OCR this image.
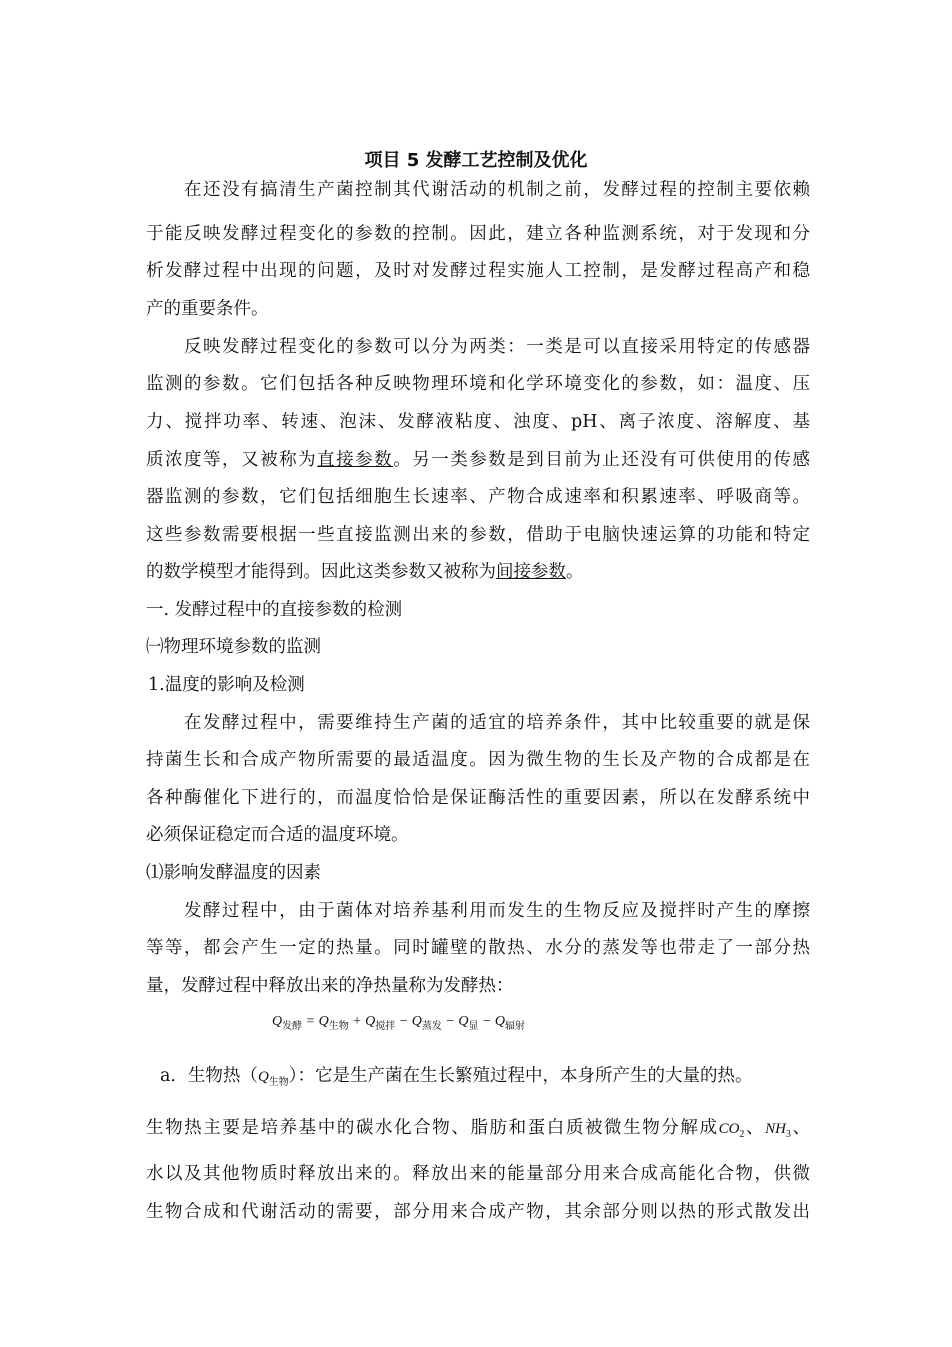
项目 5 发酵工艺控制及优化
在还没有搞清生产菌控制其代谢活动的机制之前，发酵过程的控制主要依赖
于能反映发酵过程变化的参数的控制。因此，建立各种监测系统，对于发现和分
析发酵过程中出现的问题，及时对发酵过程实施人工控制，是发酵过程高产和稳
产的重要条件。
反映发酵过程变化的参数可以分为两类：一类是可以直接采用特定的传感器
监测的参数。它们包括各种反映物理环境和化学环境变化的参数，如：温度、压
力、搅拌功率、转速、泡沫、发酵液粘度、浊度、pH、离子浓度、溶解度、基
质浓度等，又被称为直接参数。另一类参数是到目前为止还没有可供使用的传感
器监测的参数，它们包括细胞生长速率、产物合成速率和积累速率、呼吸商等。
这些参数需要根据一些直接监测出来的参数，借助于电脑快速运算的功能和特定
的数学模型才能得到。因此这类参数又被称为间接参数。
一. 发酵过程中的直接参数的检测
㈠物理环境参数的监测
1.温度的影响及检测
在发酵过程中，需要维持生产菌的适宜的培养条件，其中比较重要的就是保
持菌生长和合成产物所需要的最适温度。因为微生物的生长及产物的合成都是在
各种酶催化下进行的，而温度恰恰是保证酶活性的重要因素，所以在发酵系统中
必须保证稳定而合适的温度环境。
⑴影响发酵温度的因素
发酵过程中，由于菌体对培养基利用而发生的生物反应及搅拌时产生的摩擦
等等，都会产生一定的热量。同时罐壁的散热、水分的蒸发等也带走了一部分热
量，发酵过程中释放出来的净热量称为发酵热：
$Q_{发酵} = Q_{生物} + Q_{搅拌} - Q_{蒸发} - Q_显 - Q_{辐射}$
a．生物热$(Q_{生物})$：它是生产菌在生长繁殖过程中，本身所产生的大量的热。
生物热主要是培养基中的碳水化合物、脂肪和蛋白质被微生物分解成$CO_2$、$NH_3$、
水以及其他物质时释放出来的。释放出来的能量部分用来合成高能化合物，供微
生物合成和代谢活动的需要，部分用来合成产物，其余部分则以热的形式散发出
